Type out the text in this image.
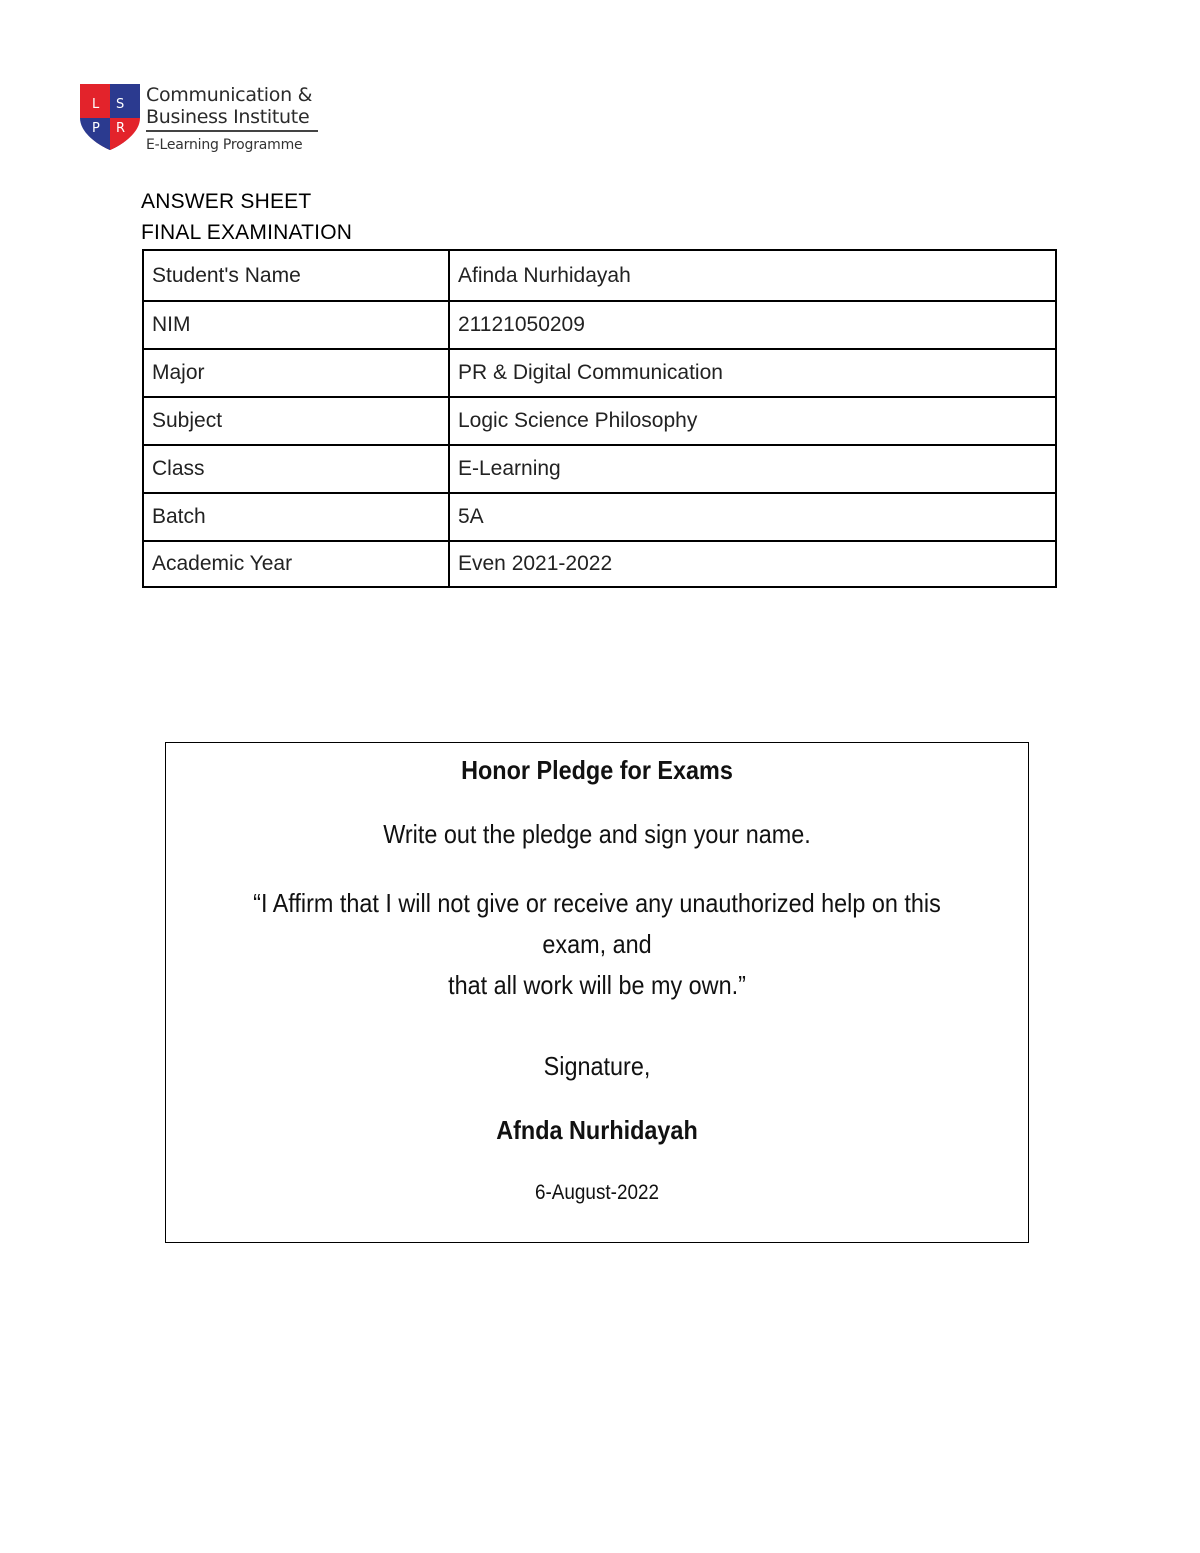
L S
P R
Communication &
Business Institute
E-Learning Programme
ANSWER SHEET
FINAL EXAMINATION
Student's Name	Afinda Nurhidayah
NIM	21121050209
Major	PR & Digital Communication
Subject	Logic Science Philosophy
Class	E-Learning
Batch	5A
Academic Year	Even 2021-2022
Honor Pledge for Exams
Write out the pledge and sign your name.
“I Affirm that I will not give or receive any unauthorized help on this exam, and
that all work will be my own.”
Signature,
Afnda Nurhidayah
6-August-2022
